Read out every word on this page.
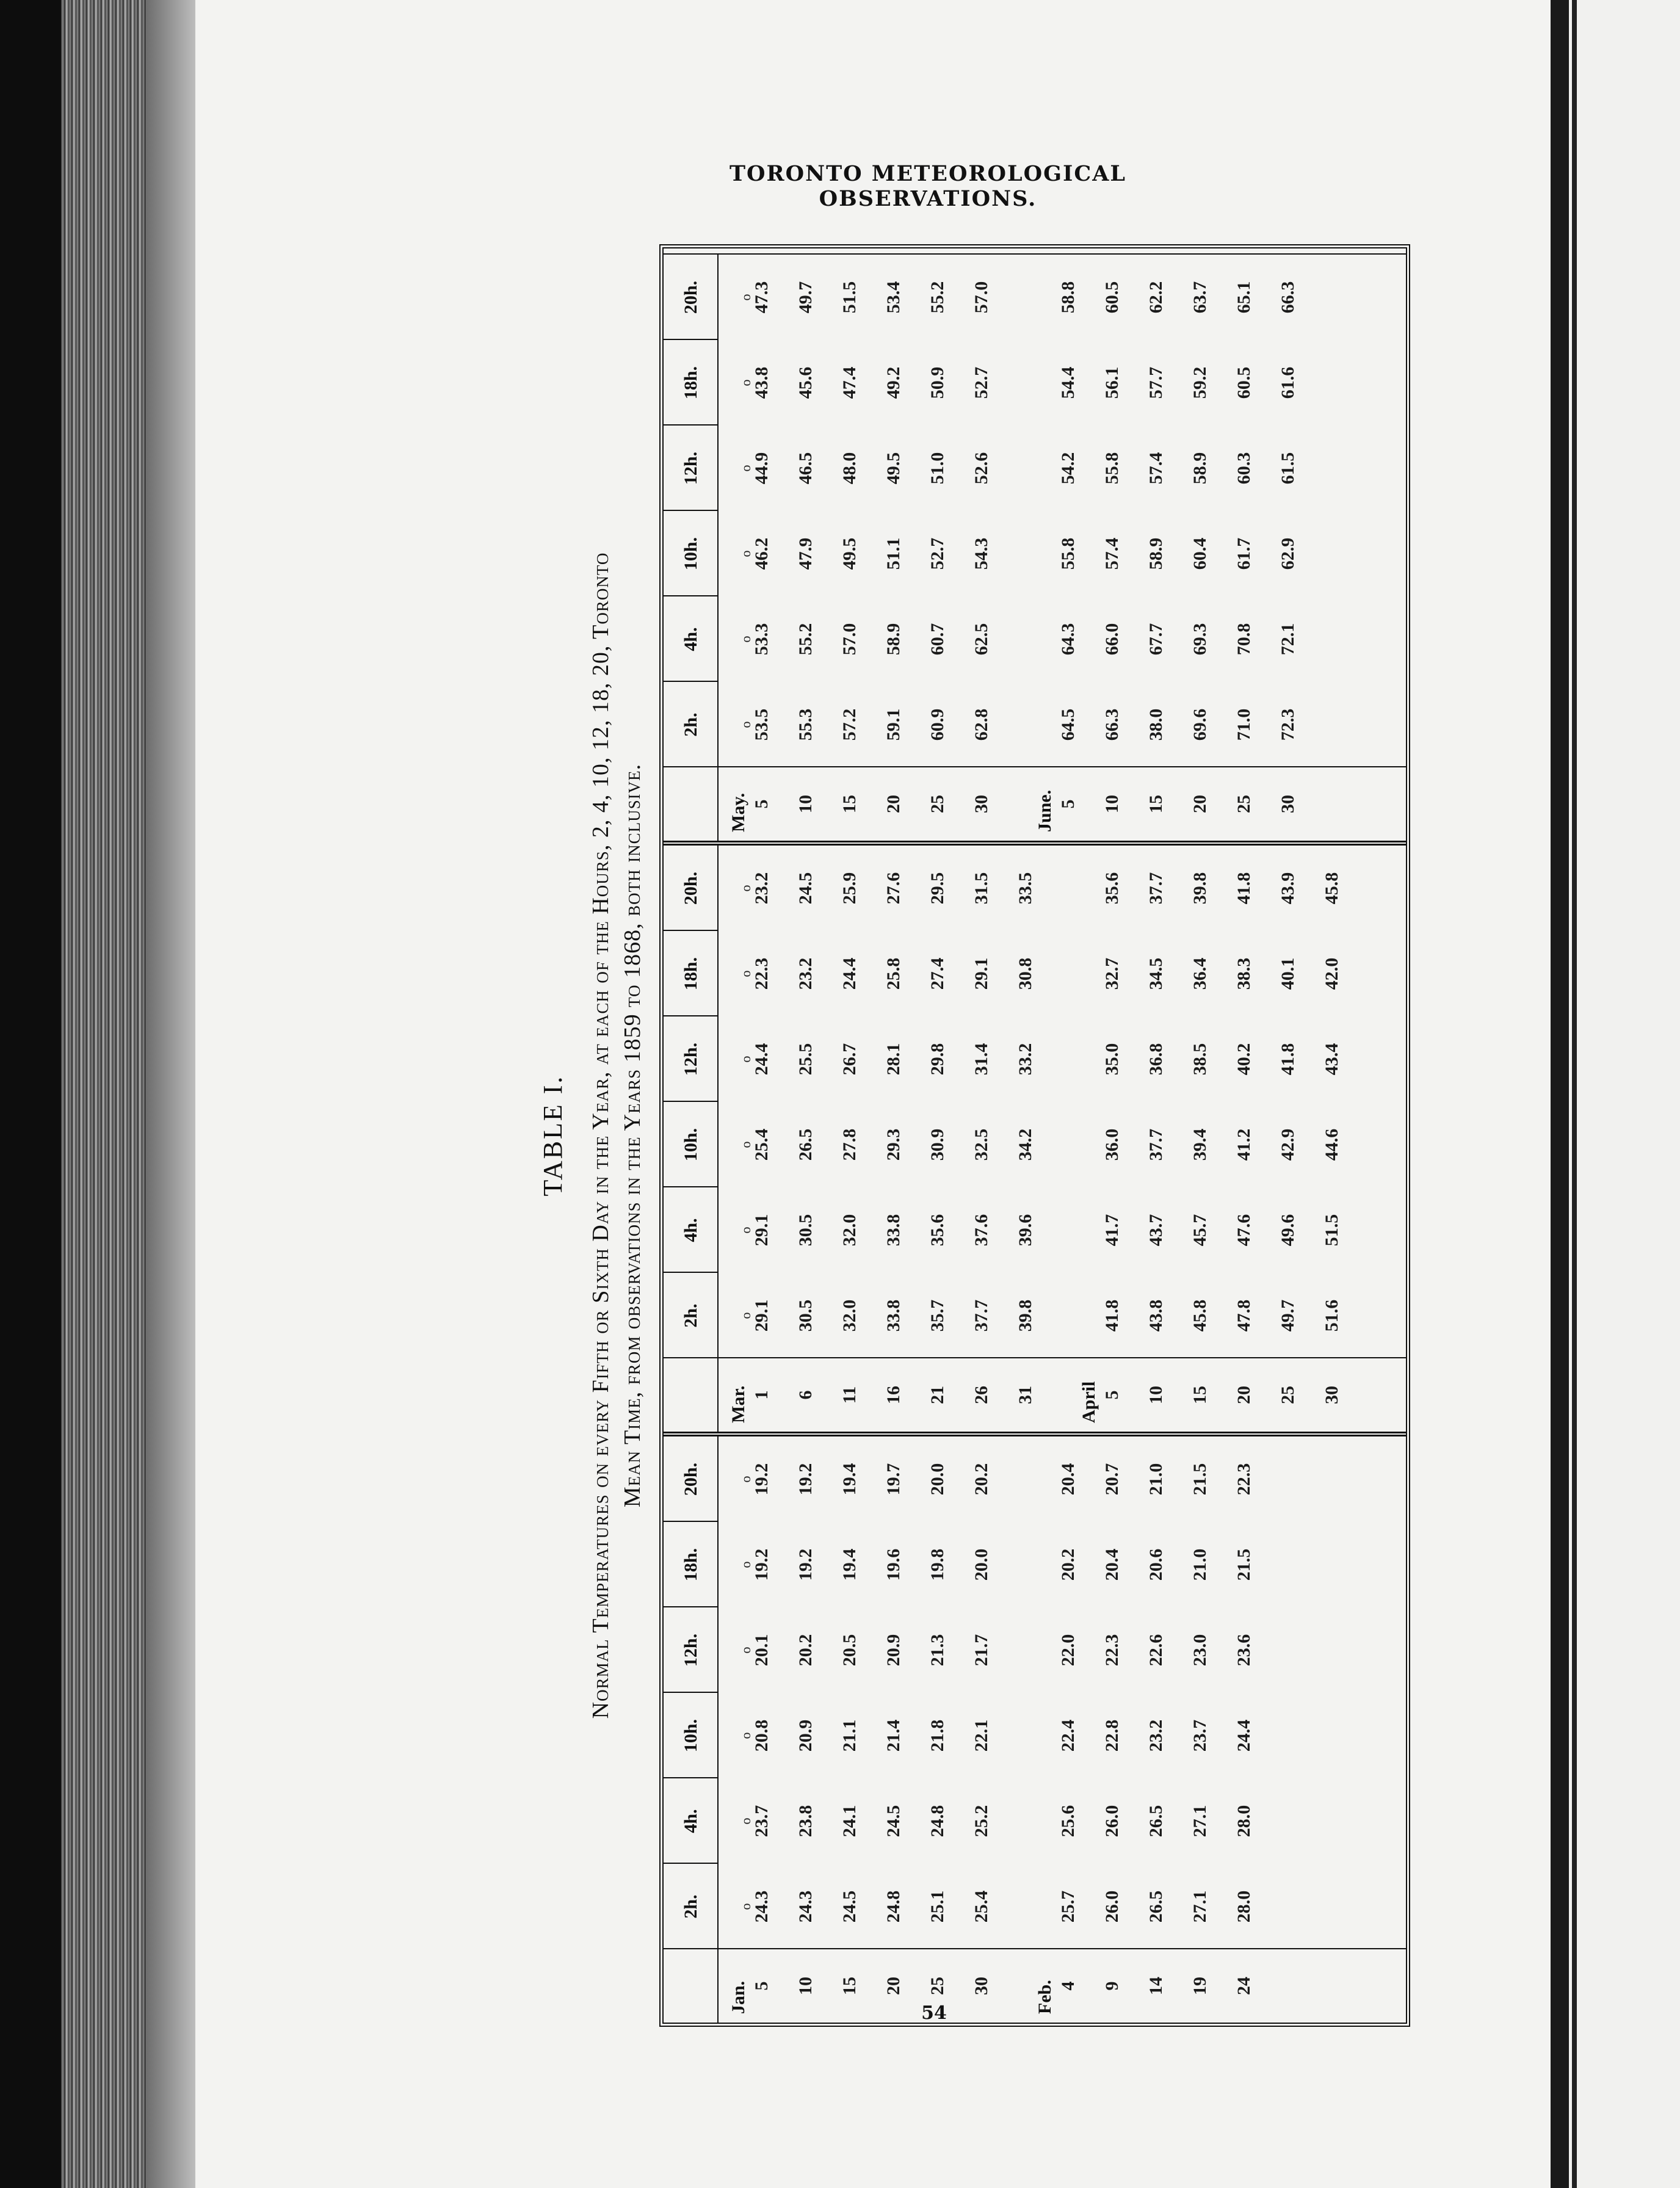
TORONTO METEOROLOGICAL OBSERVATIONS.
54
TABLE I. Normal Temperatures on every Fifth or Sixth Day in the Year, at each of the Hours, 2, 4, 10, 12, 18, 20, Toronto Mean Time, from observations in the Years 1859 to 1868, both inclusive.
2h.
4h.
10h.
12h.
18h.
20h.
Jan. 5
24.3
o
23.7
o
20.8
o
20.1
o
19.2
o
19.2
o
10
24.3
23.8
20.9
20.2
19.2
19.2
15
24.5
24.1
21.1
20.5
19.4
19.4
20
24.8
24.5
21.4
20.9
19.6
19.7
25
25.1
24.8
21.8
21.3
19.8
20.0
30
25.4
25.2
22.1
21.7
20.0
20.2
Feb. 4
25.7
25.6
22.4
22.0
20.2
20.4
9
26.0
26.0
22.8
22.3
20.4
20.7
14
26.5
26.5
23.2
22.6
20.6
21.0
19
27.1
27.1
23.7
23.0
21.0
21.5
24
28.0
28.0
24.4
23.6
21.5
22.3
2h.
4h.
10h.
12h.
18h.
20h.
Mar. 1
29.1
o
29.1
o
25.4
o
24.4
o
22.3
o
23.2
o
6
30.5
30.5
26.5
25.5
23.2
24.5
11
32.0
32.0
27.8
26.7
24.4
25.9
16
33.8
33.8
29.3
28.1
25.8
27.6
21
35.7
35.6
30.9
29.8
27.4
29.5
26
37.7
37.6
32.5
31.4
29.1
31.5
31
39.8
39.6
34.2
33.2
30.8
33.5
April 5
41.8
41.7
36.0
35.0
32.7
35.6
10
43.8
43.7
37.7
36.8
34.5
37.7
15
45.8
45.7
39.4
38.5
36.4
39.8
20
47.8
47.6
41.2
40.2
38.3
41.8
25
49.7
49.6
42.9
41.8
40.1
43.9
30
51.6
51.5
44.6
43.4
42.0
45.8
2h.
4h.
10h.
12h.
18h.
20h.
May. 5
53.5
o
53.3
o
46.2
o
44.9
o
43.8
o
47.3
o
10
55.3
55.2
47.9
46.5
45.6
49.7
15
57.2
57.0
49.5
48.0
47.4
51.5
20
59.1
58.9
51.1
49.5
49.2
53.4
25
60.9
60.7
52.7
51.0
50.9
55.2
30
62.8
62.5
54.3
52.6
52.7
57.0
June. 5
64.5
64.3
55.8
54.2
54.4
58.8
10
66.3
66.0
57.4
55.8
56.1
60.5
15
38.0
67.7
58.9
57.4
57.7
62.2
20
69.6
69.3
60.4
58.9
59.2
63.7
25
71.0
70.8
61.7
60.3
60.5
65.1
30
72.3
72.1
62.9
61.5
61.6
66.3
